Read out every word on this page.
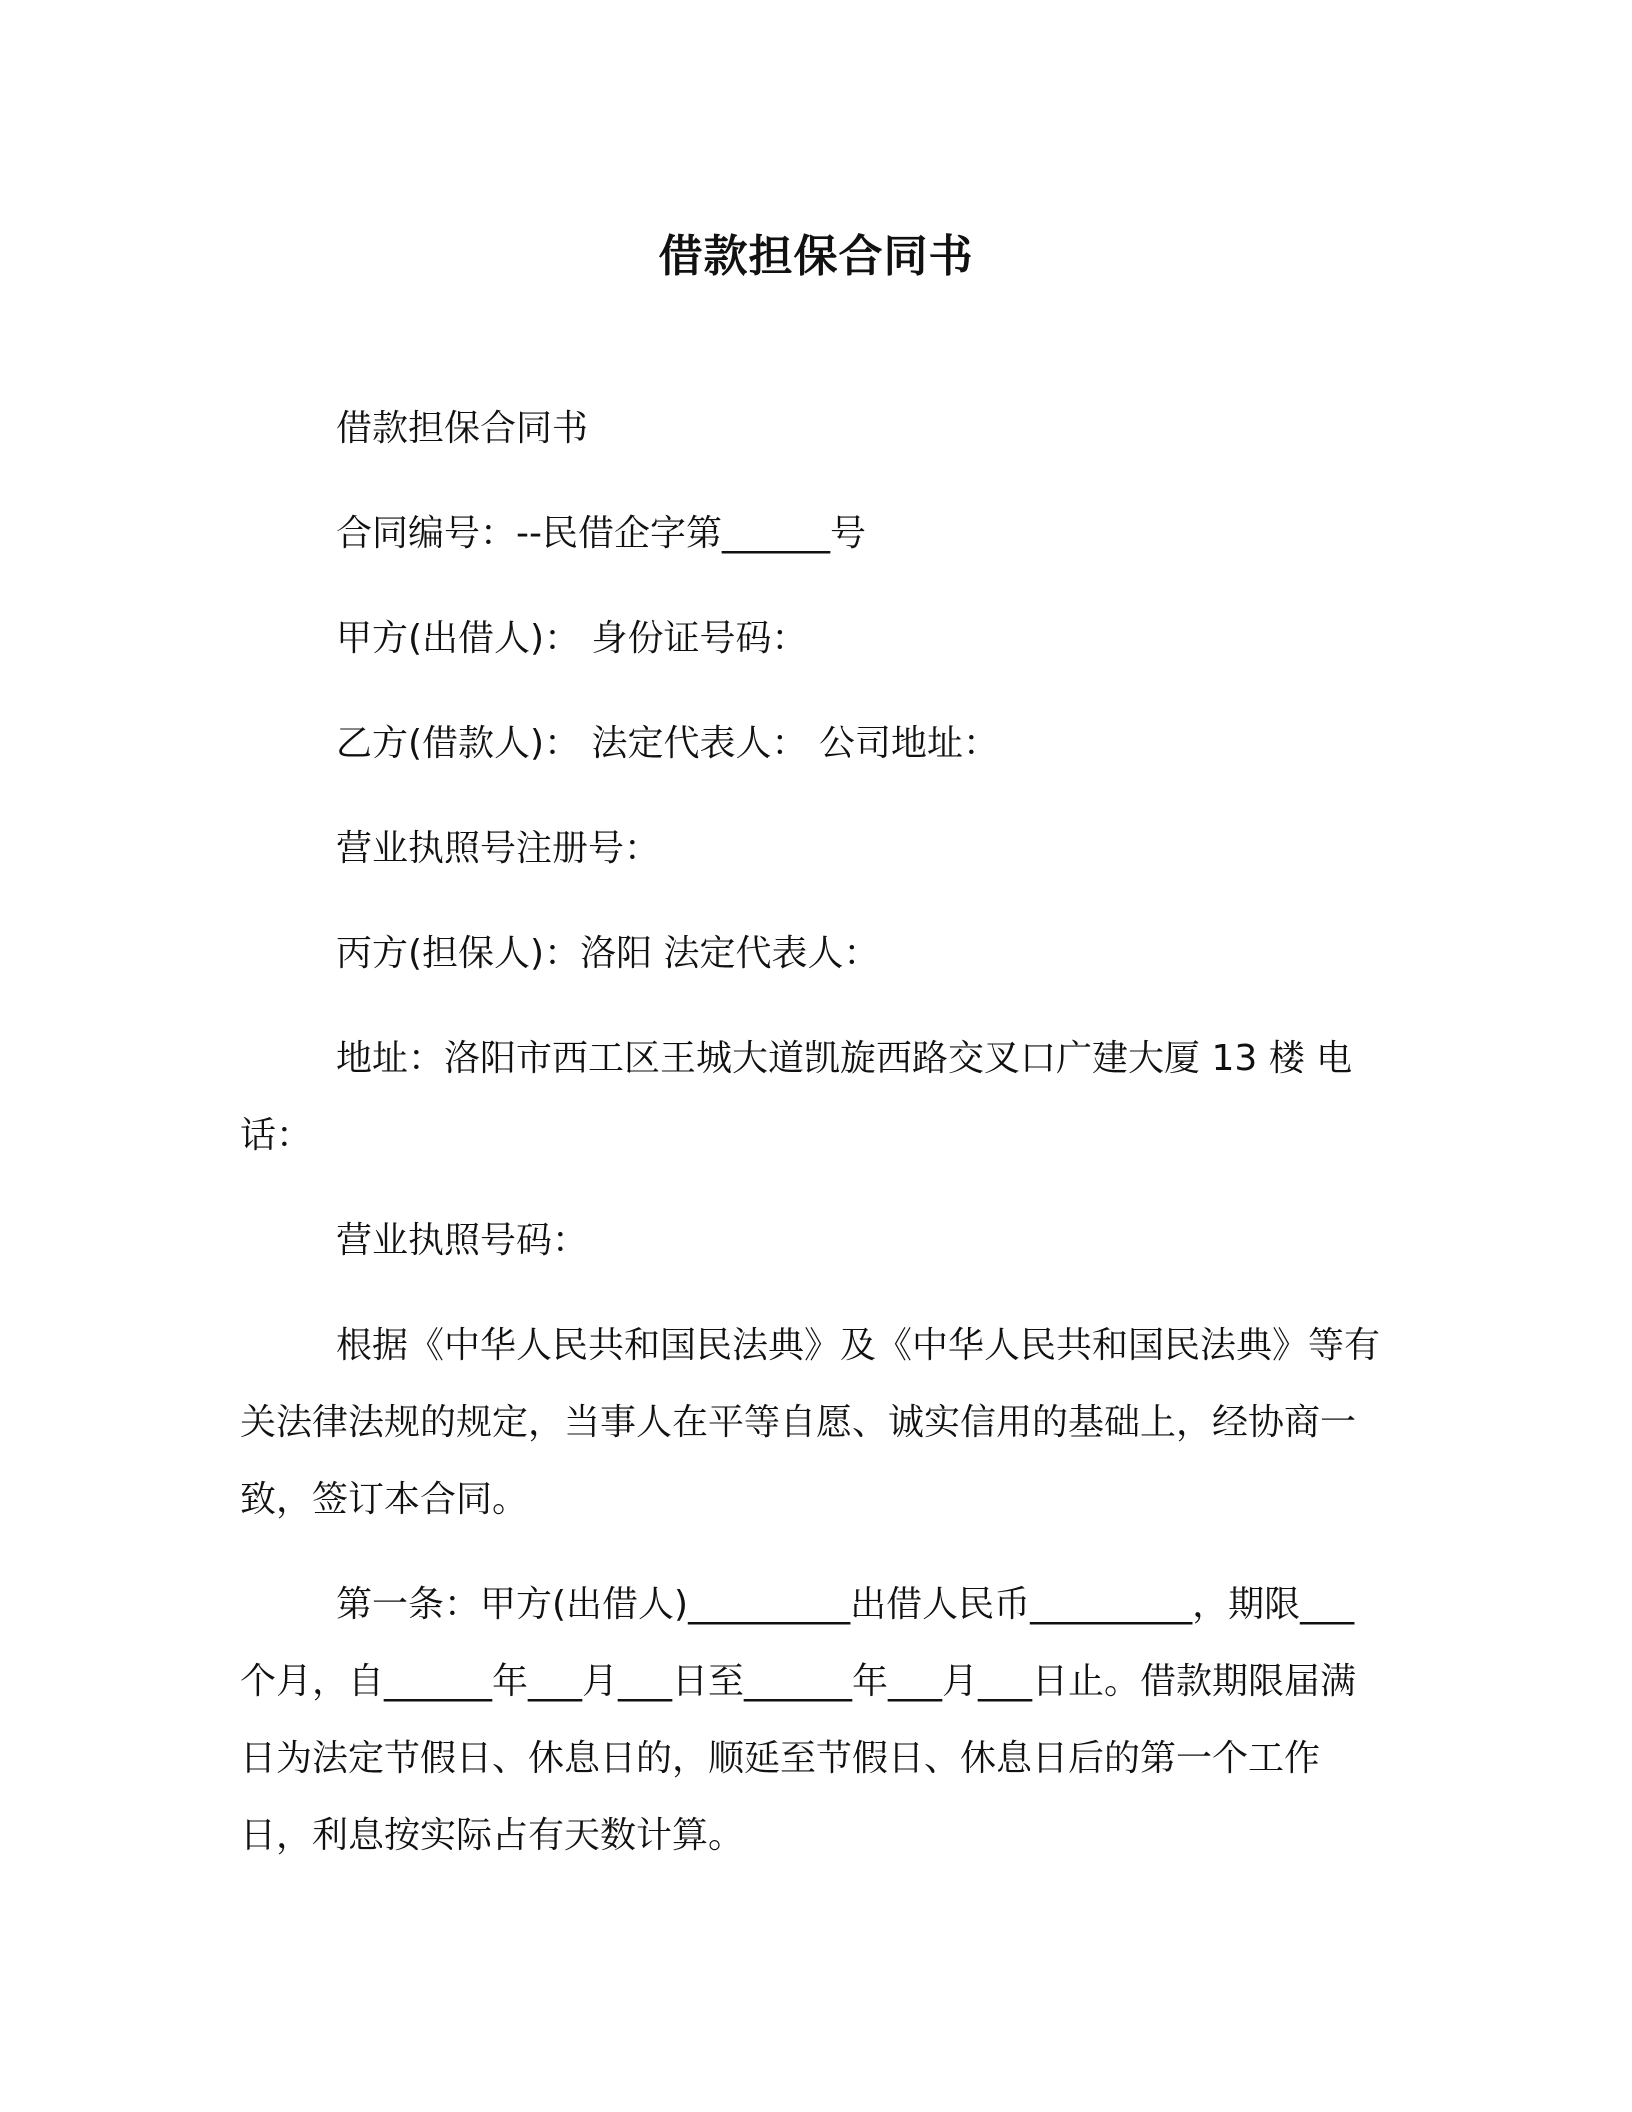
借款担保合同书

借款担保合同书

合同编号：--民借企字第______号

甲方(出借人)： 身份证号码：

乙方(借款人)： 法定代表人： 公司地址：

营业执照号注册号：

丙方(担保人)：洛阳 法定代表人：

地址：洛阳市西工区王城大道凯旋西路交叉口广建大厦 13 楼 电话：

营业执照号码：

根据《中华人民共和国民法典》及《中华人民共和国民法典》等有关法律法规的规定，当事人在平等自愿、诚实信用的基础上，经协商一致，签订本合同。

第一条：甲方(出借人)_________出借人民币_________，期限___个月，自______年___月___日至______年___月___日止。借款期限届满日为法定节假日、休息日的，顺延至节假日、休息日后的第一个工作日，利息按实际占有天数计算。
